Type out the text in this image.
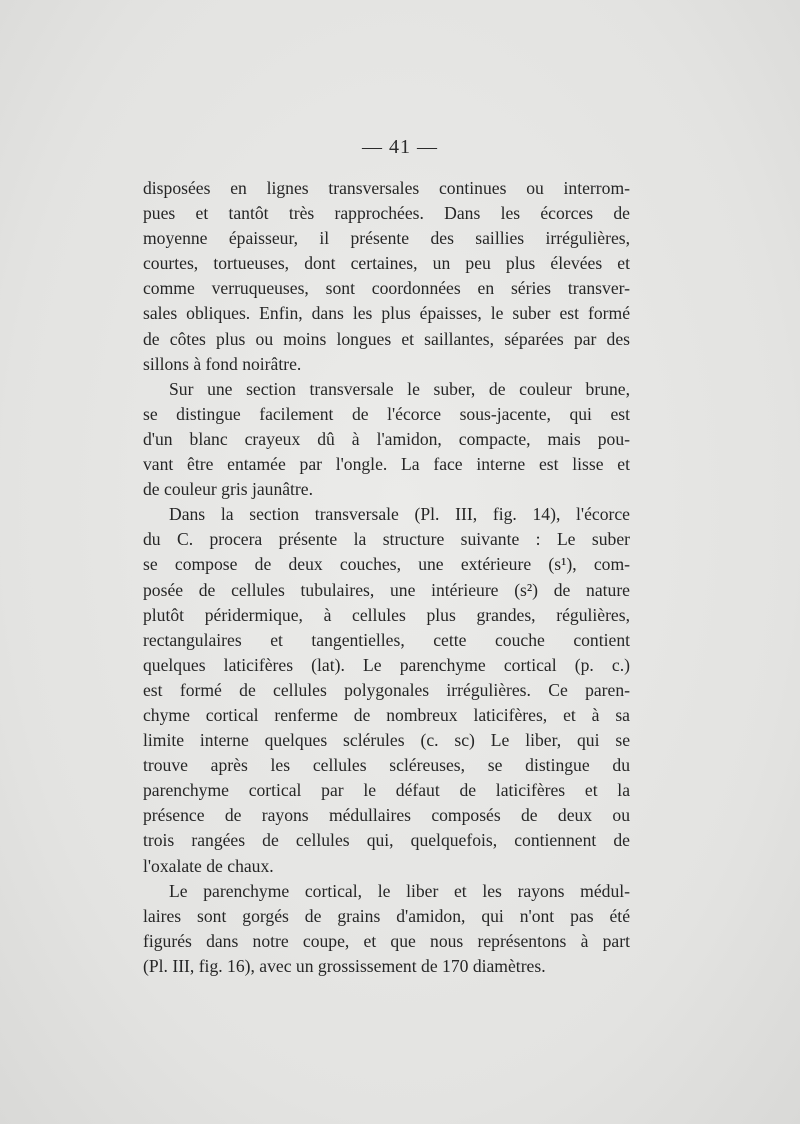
— 41 —
disposées en lignes transversales continues ou interrom-
pues et tantôt très rapprochées. Dans les écorces de
moyenne épaisseur, il présente des saillies irrégulières,
courtes, tortueuses, dont certaines, un peu plus élevées et
comme verruqueuses, sont coordonnées en séries transver-
sales obliques. Enfin, dans les plus épaisses, le suber est formé
de côtes plus ou moins longues et saillantes, séparées par des
sillons à fond noirâtre.
Sur une section transversale le suber, de couleur brune,
se distingue facilement de l'écorce sous-jacente, qui est
d'un blanc crayeux dû à l'amidon, compacte, mais pou-
vant être entamée par l'ongle. La face interne est lisse et
de couleur gris jaunâtre.
Dans la section transversale (Pl. III, fig. 14), l'écorce
du C. procera présente la structure suivante : Le suber
se compose de deux couches, une extérieure (s¹), com-
posée de cellules tubulaires, une intérieure (s²) de nature
plutôt péridermique, à cellules plus grandes, régulières,
rectangulaires et tangentielles, cette couche contient
quelques laticifères (lat). Le parenchyme cortical (p. c.)
est formé de cellules polygonales irrégulières. Ce paren-
chyme cortical renferme de nombreux laticifères, et à sa
limite interne quelques sclérules (c. sc) Le liber, qui se
trouve après les cellules scléreuses, se distingue du
parenchyme cortical par le défaut de laticifères et la
présence de rayons médullaires composés de deux ou
trois rangées de cellules qui, quelquefois, contiennent de
l'oxalate de chaux.
Le parenchyme cortical, le liber et les rayons médul-
laires sont gorgés de grains d'amidon, qui n'ont pas été
figurés dans notre coupe, et que nous représentons à part
(Pl. III, fig. 16), avec un grossissement de 170 diamètres.
